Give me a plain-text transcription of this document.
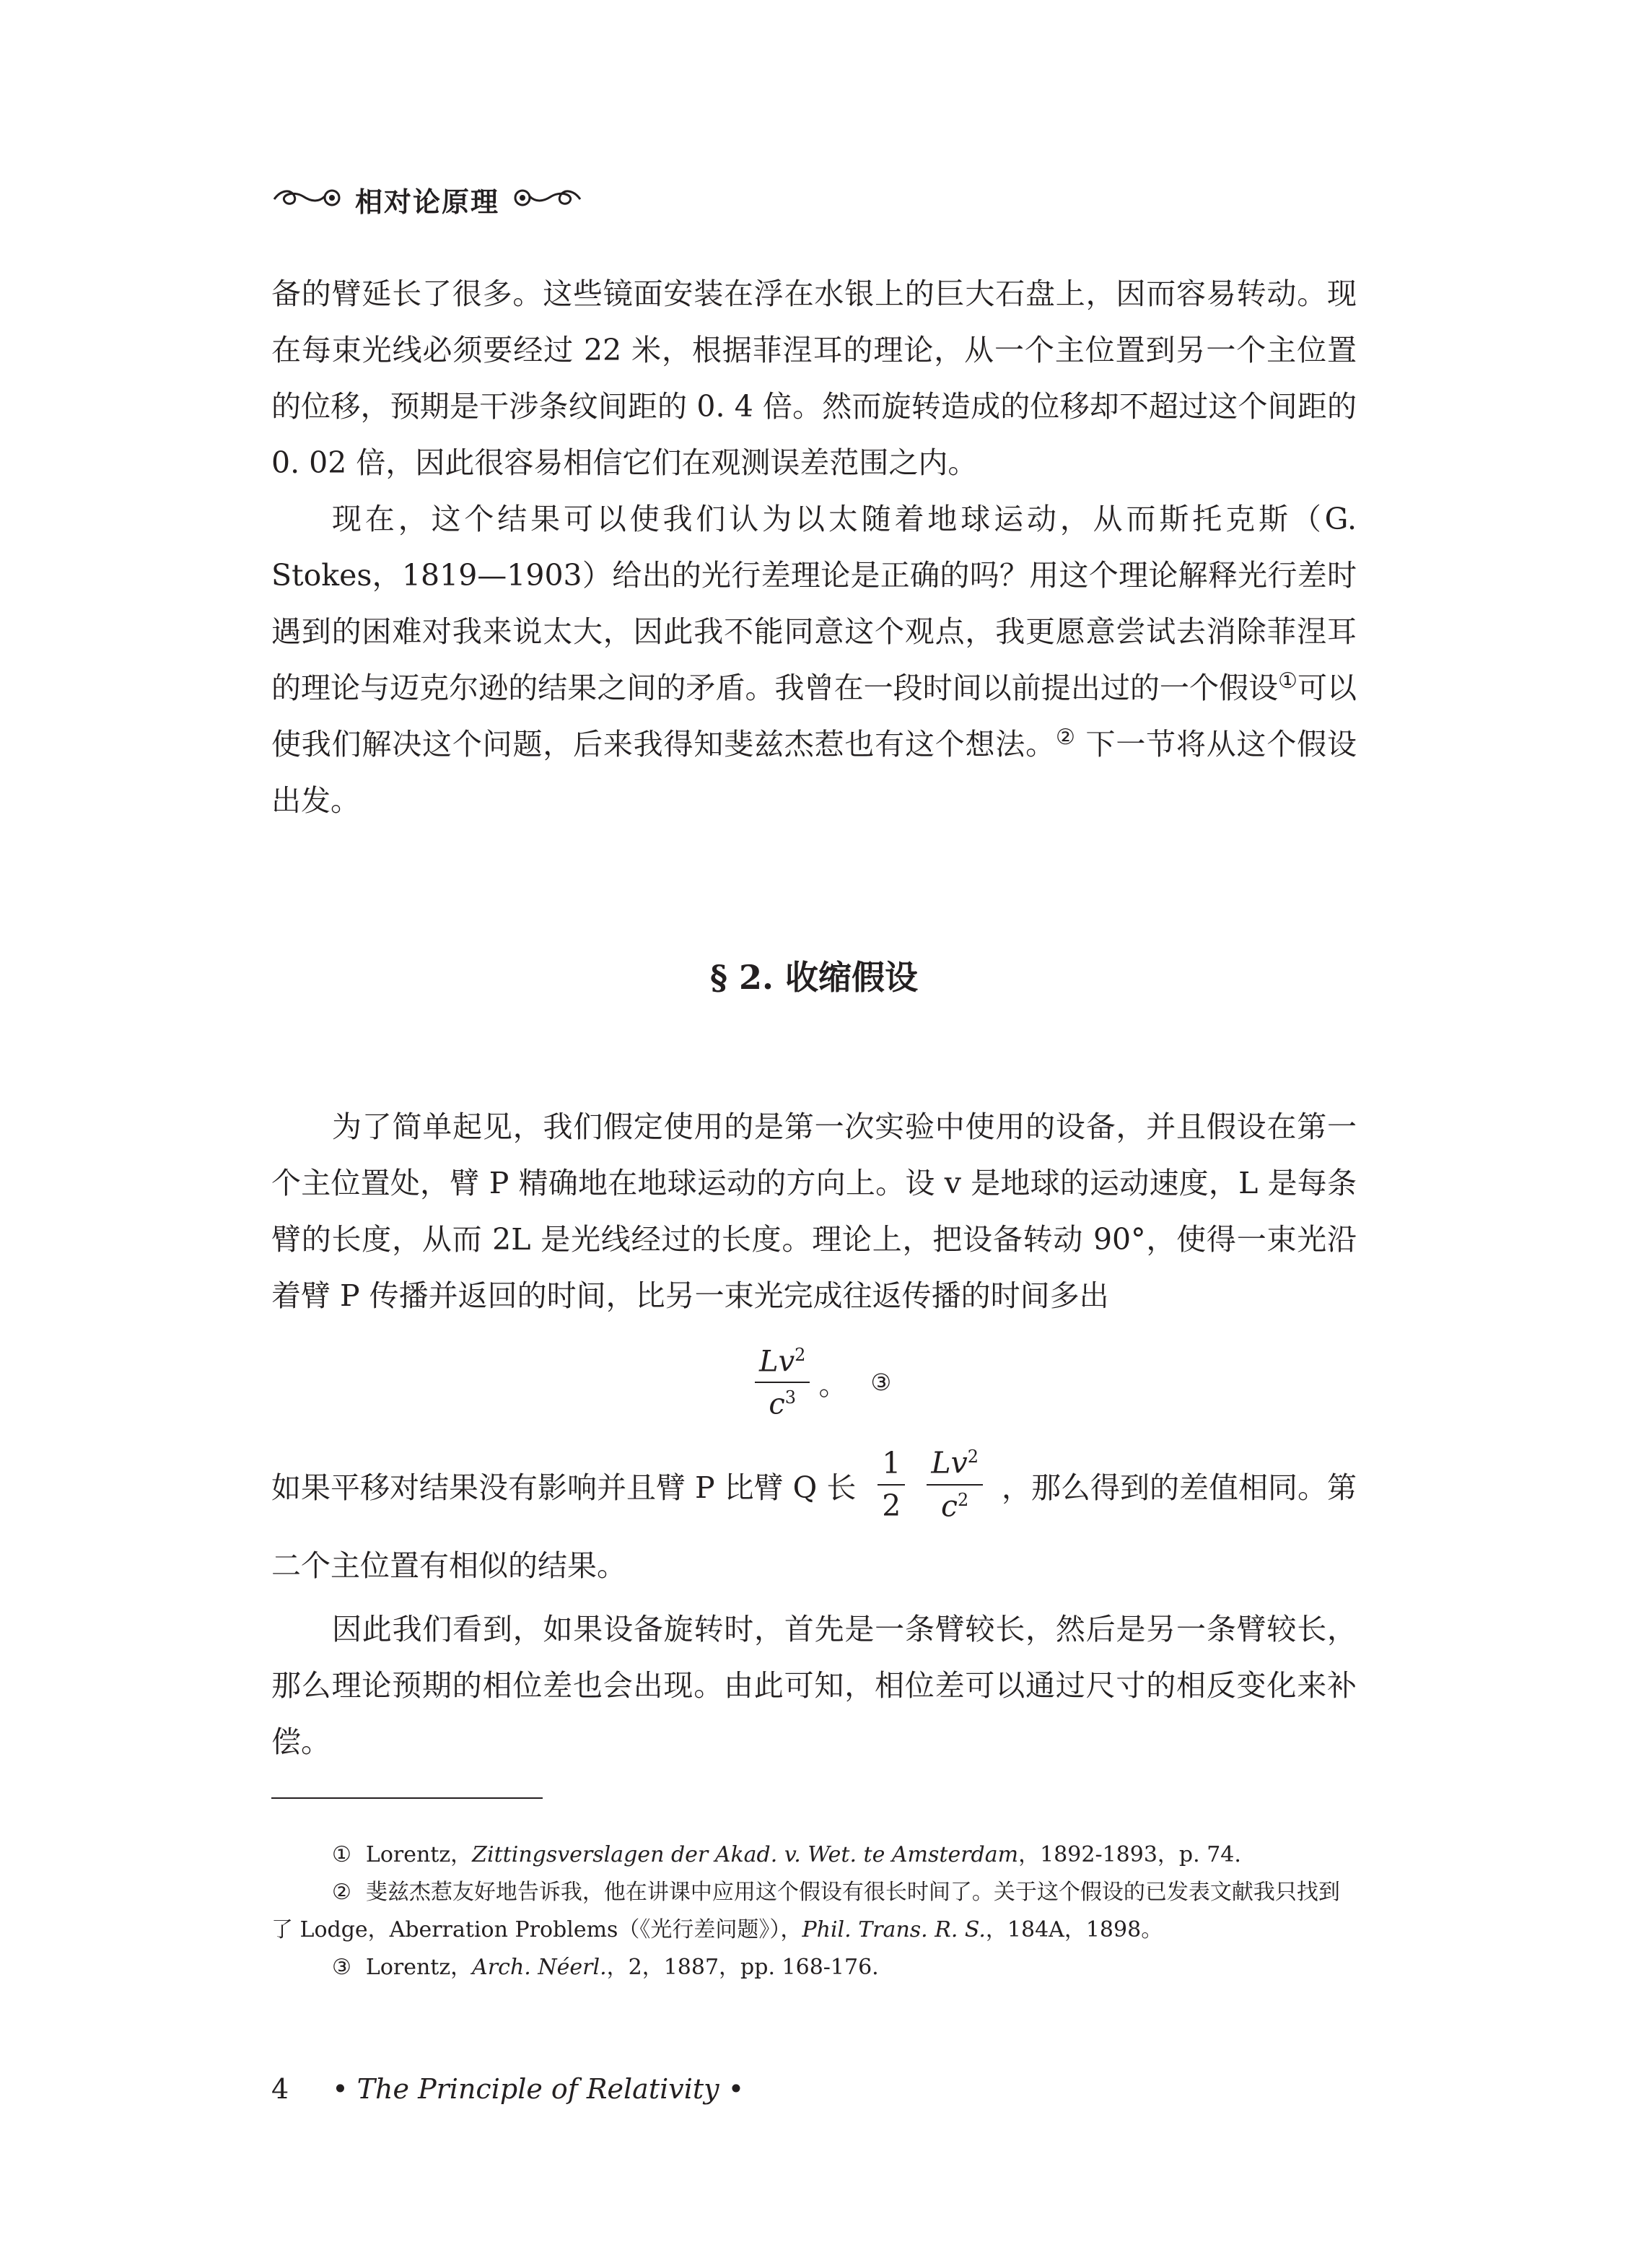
相对论原理

备的臂延长了很多。这些镜面安装在浮在水银上的巨大石盘上，因而容易转动。现在每束光线必须要经过 22 米，根据菲涅耳的理论，从一个主位置到另一个主位置的位移，预期是干涉条纹间距的 0. 4 倍。然而旋转造成的位移却不超过这个间距的 0. 02 倍，因此很容易相信它们在观测误差范围之内。

现在，这个结果可以使我们认为以太随着地球运动，从而斯托克斯（G. Stokes，1819—1903）给出的光行差理论是正确的吗？用这个理论解释光行差时遇到的困难对我来说太大，因此我不能同意这个观点，我更愿意尝试去消除菲涅耳的理论与迈克尔逊的结果之间的矛盾。我曾在一段时间以前提出过的一个假设①可以使我们解决这个问题，后来我得知斐兹杰惹也有这个想法。② 下一节将从这个假设出发。

§ 2. 收缩假设

为了简单起见，我们假定使用的是第一次实验中使用的设备，并且假设在第一个主位置处，臂 P 精确地在地球运动的方向上。设 v 是地球的运动速度，L 是每条臂的长度，从而 2L 是光线经过的长度。理论上，把设备转动 90°，使得一束光沿着臂 P 传播并返回的时间，比另一束光完成往返传播的时间多出

$\frac{Lv^2}{c^3}$ 。 ③
如果平移对结果没有影响并且臂 P 比臂 Q 长 $\frac{1}{2} \frac{Lv^2}{c^2}$ ，那么得到的差值相同。第

二个主位置有相似的结果。

因此我们看到，如果设备旋转时，首先是一条臂较长，然后是另一条臂较长，那么理论预期的相位差也会出现。由此可知，相位差可以通过尺寸的相反变化来补偿。

① Lorentz，Zittingsverslagen der Akad. v. Wet. te Amsterdam，1892-1893，p. 74.

② 斐兹杰惹友好地告诉我，他在讲课中应用这个假设有很长时间了。关于这个假设的已发表文献我只找到了 Lodge，Aberration Problems（《光行差问题》），Phil. Trans. R. S.，184A，1898。

③ Lorentz，Arch. Néerl.，2，1887，pp. 168-176.

4 • The Principle of Relativity •
